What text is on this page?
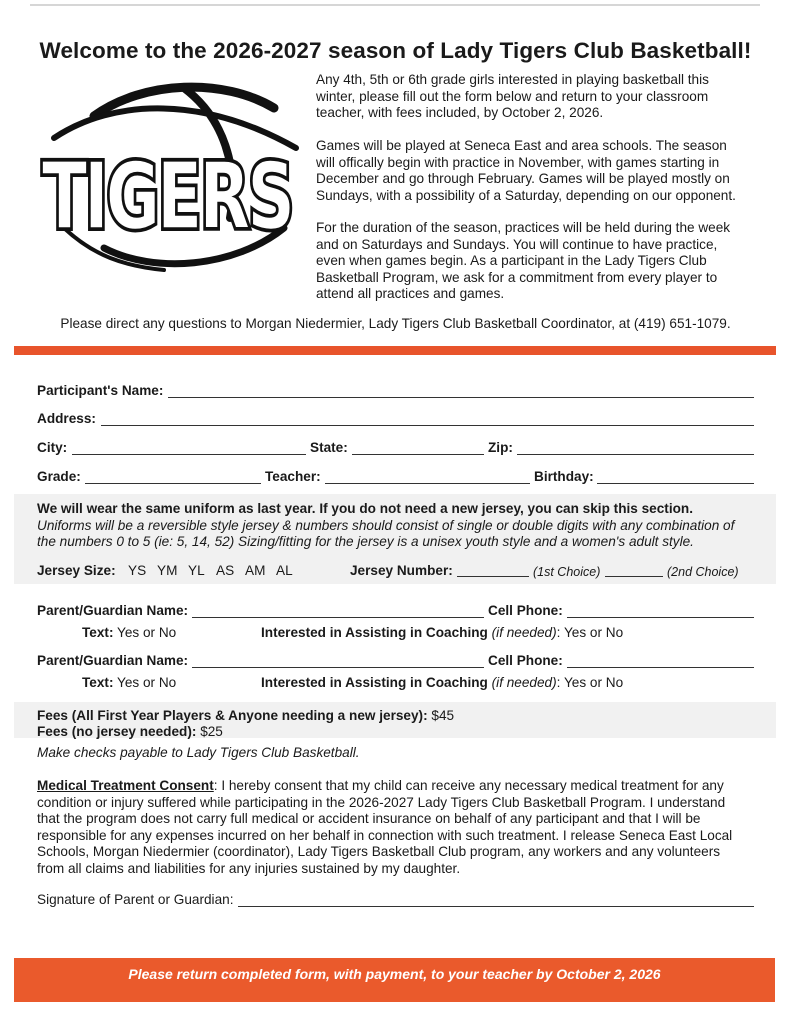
Welcome to the 2026-2027 season of Lady Tigers Club Basketball!
TIGERS
TIGERS
Any 4th, 5th or 6th grade girls interested in playing basketball this
winter, please fill out the form below and return to your classroom
teacher, with fees included, by October 2, 2026.
Games will be played at Seneca East and area schools. The season
will offically begin with practice in November, with games starting in
December and go through February. Games will be played mostly on
Sundays, with a possibility of a Saturday, depending on our opponent.
For the duration of the season, practices will be held during the week
and on Saturdays and Sundays. You will continue to have practice,
even when games begin. As a participant in the Lady Tigers Club
Basketball Program, we ask for a commitment from every player to
attend all practices and games.
Please direct any questions to Morgan Niedermier, Lady Tigers Club Basketball Coordinator, at (419) 651-1079.
Participant's Name:
Address:
City:	State:	Zip:
Grade:	Teacher:	Birthday:
We will wear the same uniform as last year. If you do not need a new jersey, you can skip this section.
Uniforms will be a reversible style jersey & numbers should consist of single or double digits with any combination of
the numbers 0 to 5 (ie: 5, 14, 52) Sizing/fitting for the jersey is a unisex youth style and a women's adult style.
Jersey Size: YS YM YL AS AM AL	Jersey Number:	(1st Choice)	(2nd Choice)
Parent/Guardian Name:	Cell Phone:
Text: Yes or No	Interested in Assisting in Coaching (if needed): Yes or No
Parent/Guardian Name:	Cell Phone:
Text: Yes or No	Interested in Assisting in Coaching (if needed): Yes or No
Fees (All First Year Players & Anyone needing a new jersey): $45
Fees (no jersey needed): $25
Make checks payable to Lady Tigers Club Basketball.
Medical Treatment Consent: I hereby consent that my child can receive any necessary medical treatment for any
condition or injury suffered while participating in the 2026-2027 Lady Tigers Club Basketball Program. I understand
that the program does not carry full medical or accident insurance on behalf of any participant and that I will be
responsible for any expenses incurred on her behalf in connection with such treatment. I release Seneca East Local
Schools, Morgan Niedermier (coordinator), Lady Tigers Basketball Club program, any workers and any volunteers
from all claims and liabilities for any injuries sustained by my daughter.
Signature of Parent or Guardian:
Please return completed form, with payment, to your teacher by October 2, 2026
